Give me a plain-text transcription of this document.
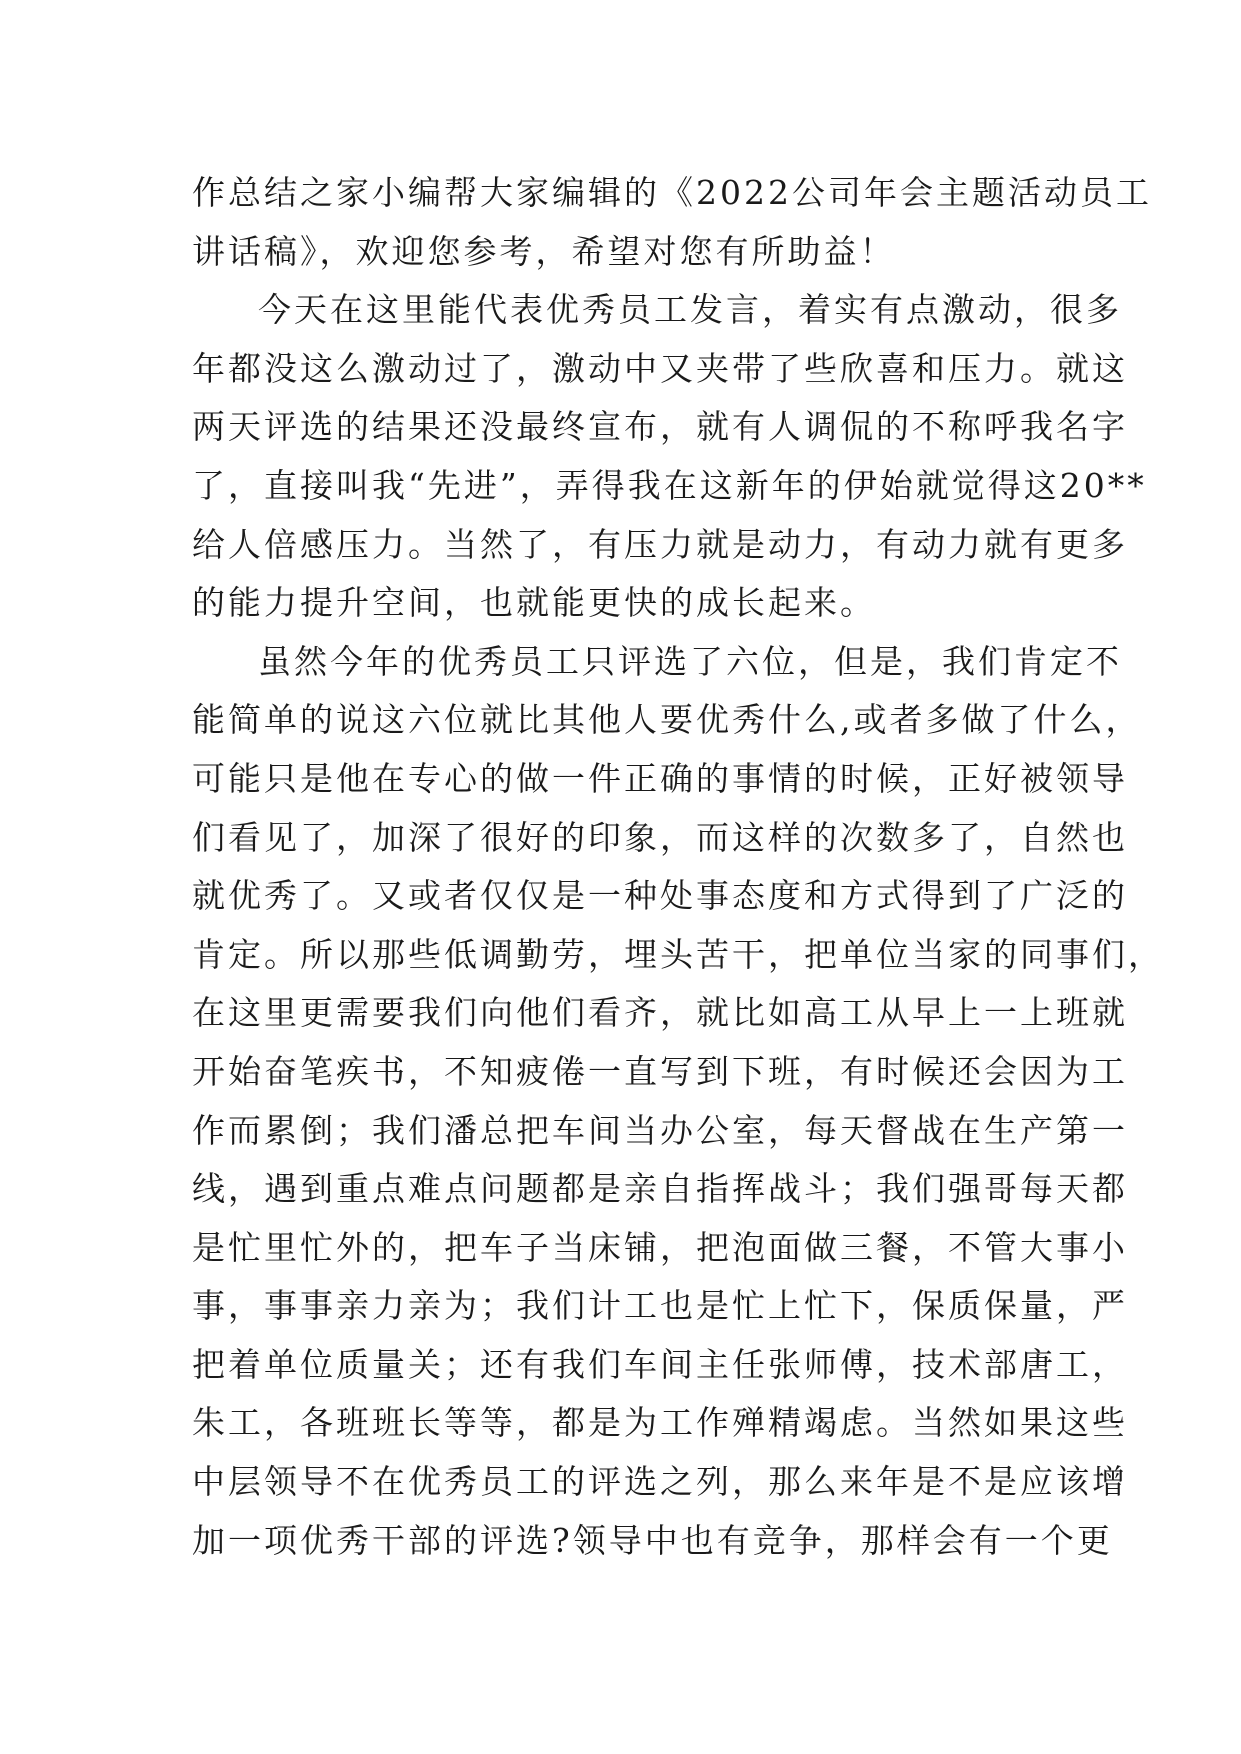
作总结之家小编帮大家编辑的《2022公司年会主题活动员工
讲话稿》，欢迎您参考，希望对您有所助益！
今天在这里能代表优秀员工发言，着实有点激动，很多
年都没这么激动过了，激动中又夹带了些欣喜和压力。就这
两天评选的结果还没最终宣布，就有人调侃的不称呼我名字
了，直接叫我“先进”，弄得我在这新年的伊始就觉得这20**
给人倍感压力。当然了，有压力就是动力，有动力就有更多
的能力提升空间，也就能更快的成长起来。
虽然今年的优秀员工只评选了六位，但是，我们肯定不
能简单的说这六位就比其他人要优秀什么,或者多做了什么，
可能只是他在专心的做一件正确的事情的时候，正好被领导
们看见了，加深了很好的印象，而这样的次数多了，自然也
就优秀了。又或者仅仅是一种处事态度和方式得到了广泛的
肯定。所以那些低调勤劳，埋头苦干，把单位当家的同事们，
在这里更需要我们向他们看齐，就比如高工从早上一上班就
开始奋笔疾书，不知疲倦一直写到下班，有时候还会因为工
作而累倒；我们潘总把车间当办公室，每天督战在生产第一
线，遇到重点难点问题都是亲自指挥战斗；我们强哥每天都
是忙里忙外的，把车子当床铺，把泡面做三餐，不管大事小
事，事事亲力亲为；我们计工也是忙上忙下，保质保量，严
把着单位质量关；还有我们车间主任张师傅，技术部唐工，
朱工，各班班长等等，都是为工作殚精竭虑。当然如果这些
中层领导不在优秀员工的评选之列，那么来年是不是应该增
加一项优秀干部的评选?领导中也有竞争，那样会有一个更
